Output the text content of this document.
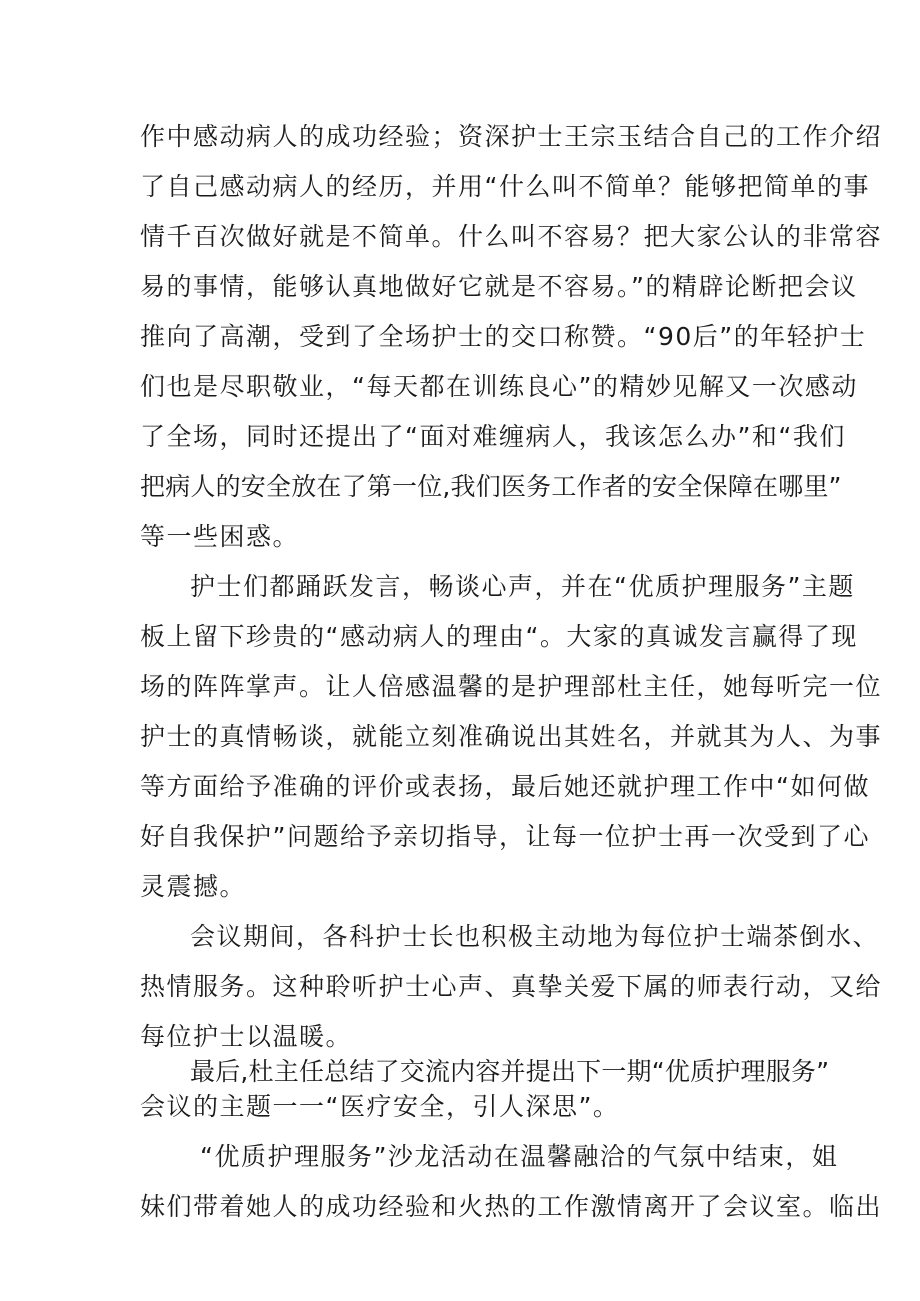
作中感动病人的成功经验；资深护士王宗玉结合自己的工作介绍
了自己感动病人的经历，并用“什么叫不简单？能够把简单的事
情千百次做好就是不简单。什么叫不容易？把大家公认的非常容
易的事情，能够认真地做好它就是不容易。”的精辟论断把会议
推向了高潮，受到了全场护士的交口称赞。“90后”的年轻护士
们也是尽职敬业，“每天都在训练良心”的精妙见解又一次感动
了全场，同时还提出了“面对难缠病人，我该怎么办”和“我们
把病人的安全放在了第一位,我们医务工作者的安全保障在哪里”
等一些困惑。
护士们都踊跃发言，畅谈心声，并在“优质护理服务”主题
板上留下珍贵的“感动病人的理由“。大家的真诚发言赢得了现
场的阵阵掌声。让人倍感温馨的是护理部杜主任，她每听完一位
护士的真情畅谈，就能立刻准确说出其姓名，并就其为人、为事
等方面给予准确的评价或表扬，最后她还就护理工作中“如何做
好自我保护”问题给予亲切指导，让每一位护士再一次受到了心
灵震撼。
会议期间，各科护士长也积极主动地为每位护士端茶倒水、
热情服务。这种聆听护士心声、真挚关爱下属的师表行动，又给
每位护士以温暖。
最后,杜主任总结了交流内容并提出下一期“优质护理服务”
会议的主题一一“医疗安全，引人深思”。
“优质护理服务”沙龙活动在温馨融洽的气氛中结束，姐
妹们带着她人的成功经验和火热的工作激情离开了会议室。临出
